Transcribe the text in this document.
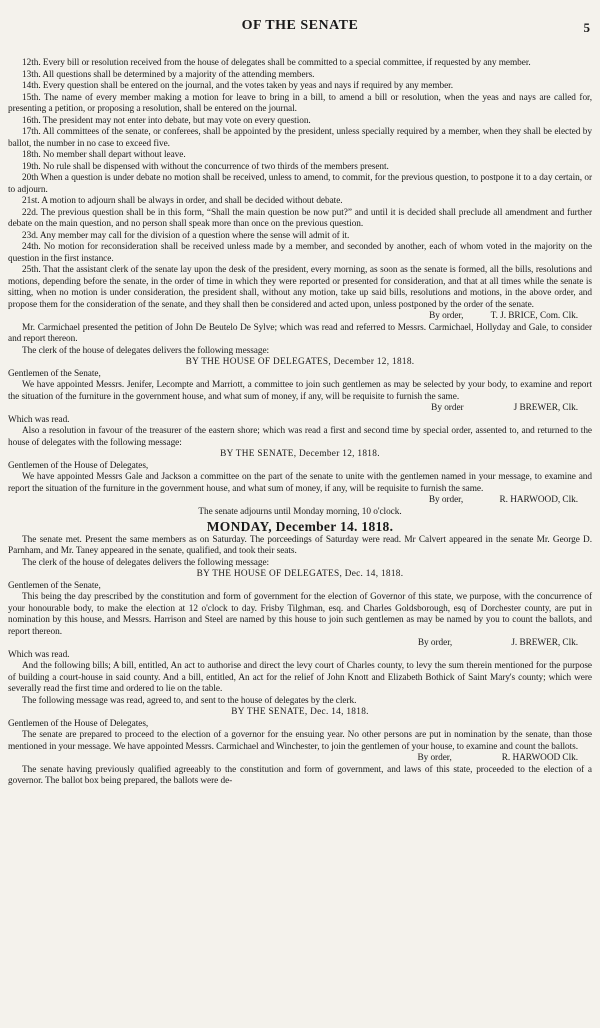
OF THE SENATE	5

12th. Every bill or resolution received from the house of delegates shall be committed to a special committee, if requested by any member.

13th. All questions shall be determined by a majority of the attending members.

14th. Every question shall be entered on the journal, and the votes taken by yeas and nays if required by any member.

15th. The name of every member making a motion for leave to bring in a bill, to amend a bill or resolution, when the yeas and nays are called for, presenting a petition, or proposing a resolution, shall be entered on the journal.

16th. The president may not enter into debate, but may vote on every question.

17th. All committees of the senate, or conferees, shall be appointed by the president, unless specially required by a member, when they shall be elected by ballot, the number in no case to exceed five.

18th. No member shall depart without leave.

19th. No rule shall be dispensed with without the concurrence of two thirds of the members present.

20th When a question is under debate no motion shall be received, unless to amend, to commit, for the previous question, to postpone it to a day certain, or to adjourn.

21st. A motion to adjourn shall be always in order, and shall be decided without debate.

22d. The previous question shall be in this form, “Shall the main question be now put?” and until it is decided shall preclude all amendment and further debate on the main question, and no person shall speak more than once on the previous question.

23d. Any member may call for the division of a question where the sense will admit of it.

24th. No motion for reconsideration shall be received unless made by a member, and seconded by another, each of whom voted in the majority on the question in the first instance.

25th. That the assistant clerk of the senate lay upon the desk of the president, every morning, as soon as the senate is formed, all the bills, resolutions and motions, depending before the senate, in the order of time in which they were reported or presented for consideration, and that at all times while the senate is sitting, when no motion is under consideration, the president shall, without any motion, take up said bills, resolutions and motions, in the above order, and propose them for the consideration of the senate, and they shall then be considered and acted upon, unless postponed by the order of the senate.

By order,	T. J. BRICE, Com. Clk.

Mr. Carmichael presented the petition of John De Beutelo De Sylve; which was read and referred to Messrs. Carmichael, Hollyday and Gale, to consider and report thereon.

The clerk of the house of delegates delivers the following message:

BY THE HOUSE OF DELEGATES, December 12, 1818.

Gentlemen of the Senate,

We have appointed Messrs. Jenifer, Lecompte and Marriott, a committee to join such gentlemen as may be selected by your body, to examine and report the situation of the furniture in the government house, and what sum of money, if any, will be requisite to furnish the same.

By order	J BREWER, Clk.

Which was read.

Also a resolution in favour of the treasurer of the eastern shore; which was read a first and second time by special order, assented to, and returned to the house of delegates with the following message:

BY THE SENATE, December 12, 1818.

Gentlemen of the House of Delegates,

We have appointed Messrs Gale and Jackson a committee on the part of the senate to unite with the gentlemen named in your message, to examine and report the situation of the furniture in the government house, and what sum of money, if any, will be requisite to furnish the same.

By order,	R. HARWOOD, Clk.

The senate adjourns until Monday morning, 10 o'clock.

MONDAY, December 14. 1818.

The senate met. Present the same members as on Saturday. The porceedings of Saturday were read. Mr Calvert appeared in the senate Mr. George D. Parnham, and Mr. Taney appeared in the senate, qualified, and took their seats.

The clerk of the house of delegates delivers the following message:

BY THE HOUSE OF DELEGATES, Dec. 14, 1818.

Gentlemen of the Senate,

This being the day prescribed by the constitution and form of government for the election of Governor of this state, we purpose, with the concurrence of your honourable body, to make the election at 12 o'clock to day. Frisby Tilghman, esq. and Charles Goldsborough, esq of Dorchester county, are put in nomination by this house, and Messrs. Harrison and Steel are named by this house to join such gentlemen as may be named by you to count the ballots, and report thereon.

By order,	J. BREWER, Clk.

Which was read.

And the following bills; A bill, entitled, An act to authorise and direct the levy court of Charles county, to levy the sum therein mentioned for the purpose of building a court-house in said county. And a bill, entitled, An act for the relief of John Knott and Elizabeth Bothick of Saint Mary's county; which were severally read the first time and ordered to lie on the table.

The following message was read, agreed to, and sent to the house of delegates by the clerk.

BY THE SENATE, Dec. 14, 1818.

Gentlemen of the House of Delegates,

The senate are prepared to proceed to the election of a governor for the ensuing year. No other persons are put in nomination by the senate, than those mentioned in your message. We have appointed Messrs. Carmichael and Winchester, to join the gentlemen of your house, to examine and count the ballots.

By order,	R. HARWOOD Clk.

The senate having previously qualified agreeably to the constitution and form of government, and laws of this state, proceeded to the election of a governor. The ballot box being prepared, the ballots were de-
